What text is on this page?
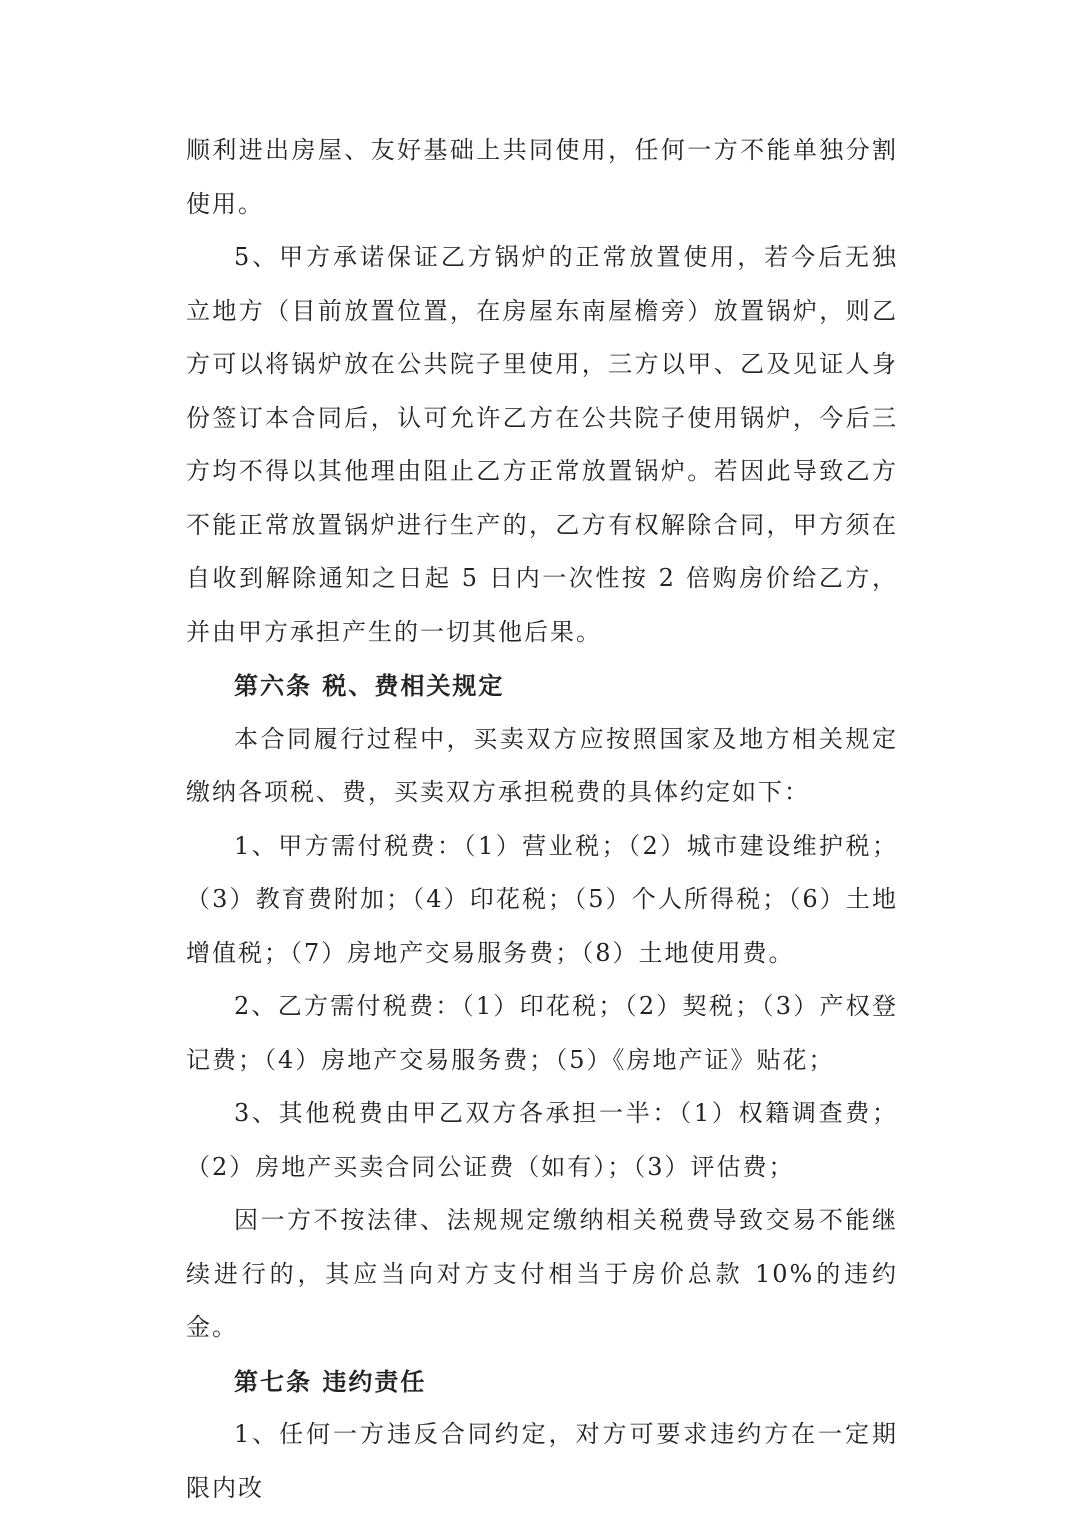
顺利进出房屋、友好基础上共同使用，任何一方不能单独分割使用。

5、甲方承诺保证乙方锅炉的正常放置使用，若今后无独立地方（目前放置位置，在房屋东南屋檐旁）放置锅炉，则乙方可以将锅炉放在公共院子里使用，三方以甲、乙及见证人身份签订本合同后，认可允许乙方在公共院子使用锅炉，今后三方均不得以其他理由阻止乙方正常放置锅炉。若因此导致乙方不能正常放置锅炉进行生产的，乙方有权解除合同，甲方须在自收到解除通知之日起 5 日内一次性按 2 倍购房价给乙方，并由甲方承担产生的一切其他后果。

第六条 税、费相关规定

本合同履行过程中，买卖双方应按照国家及地方相关规定缴纳各项税、费，买卖双方承担税费的具体约定如下：

1、甲方需付税费：（1）营业税；（2）城市建设维护税；（3）教育费附加；（4）印花税；（5）个人所得税；（6）土地增值税；（7）房地产交易服务费；（8）土地使用费。

2、乙方需付税费：（1）印花税；（2）契税；（3）产权登记费；（4）房地产交易服务费；（5）《房地产证》贴花；

3、其他税费由甲乙双方各承担一半：（1）权籍调查费；（2）房地产买卖合同公证费（如有）；（3）评估费；

因一方不按法律、法规规定缴纳相关税费导致交易不能继续进行的，其应当向对方支付相当于房价总款 10%的违约金。

第七条 违约责任

1、任何一方违反合同约定，对方可要求违约方在一定期限内改
